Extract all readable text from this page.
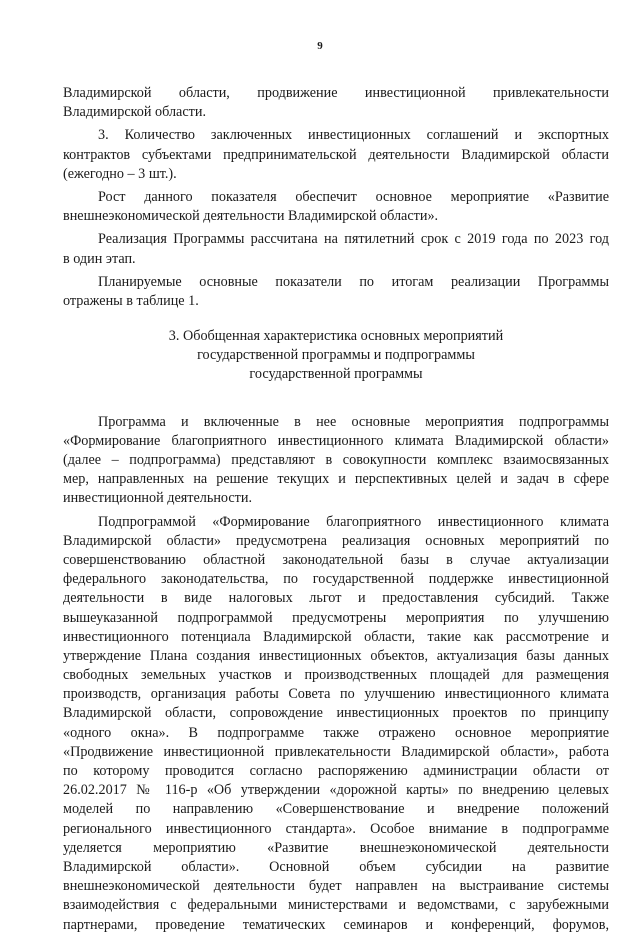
9
Владимирской области, продвижение инвестиционной привлекательности
Владимирской области.
3. Количество заключенных инвестиционных соглашений и экспортных
контрактов субъектами предпринимательской деятельности Владимирской области
(ежегодно – 3 шт.).
Рост данного показателя обеспечит основное мероприятие «Развитие
внешнеэкономической деятельности Владимирской области».
Реализация Программы рассчитана на пятилетний срок с 2019 года по 2023 год
в один этап.
Планируемые основные показатели по итогам реализации Программы
отражены в таблице 1.
3. Обобщенная характеристика основных мероприятий
государственной программы и подпрограммы
государственной программы
Программа и включенные в нее основные мероприятия подпрограммы
«Формирование благоприятного инвестиционного климата Владимирской области»
(далее – подпрограмма) представляют в совокупности комплекс взаимосвязанных
мер, направленных на решение текущих и перспективных целей и задач в сфере
инвестиционной деятельности.
Подпрограммой «Формирование благоприятного инвестиционного климата
Владимирской области» предусмотрена реализация основных мероприятий по
совершенствованию областной законодательной базы в случае актуализации
федерального законодательства, по государственной поддержке инвестиционной
деятельности в виде налоговых льгот и предоставления субсидий. Также
вышеуказанной подпрограммой предусмотрены мероприятия по улучшению
инвестиционного потенциала Владимирской области, такие как рассмотрение и
утверждение Плана создания инвестиционных объектов, актуализация базы данных
свободных земельных участков и производственных площадей для размещения
производств, организация работы Совета по улучшению инвестиционного климата
Владимирской области, сопровождение инвестиционных проектов по принципу
«одного окна». В подпрограмме также отражено основное мероприятие
«Продвижение инвестиционной привлекательности Владимирской области», работа
по которому проводится согласно распоряжению администрации области от
26.02.2017 № 116-р «Об утверждении «дорожной карты» по внедрению целевых
моделей по направлению «Совершенствование и внедрение положений
регионального инвестиционного стандарта». Особое внимание в подпрограмме
уделяется мероприятию «Развитие внешнеэкономической деятельности
Владимирской области». Основной объем субсидии на развитие
внешнеэкономической деятельности будет направлен на выстраивание системы
взаимодействия с федеральными министерствами и ведомствами, с зарубежными
партнерами, проведение тематических семинаров и конференций, форумов,
